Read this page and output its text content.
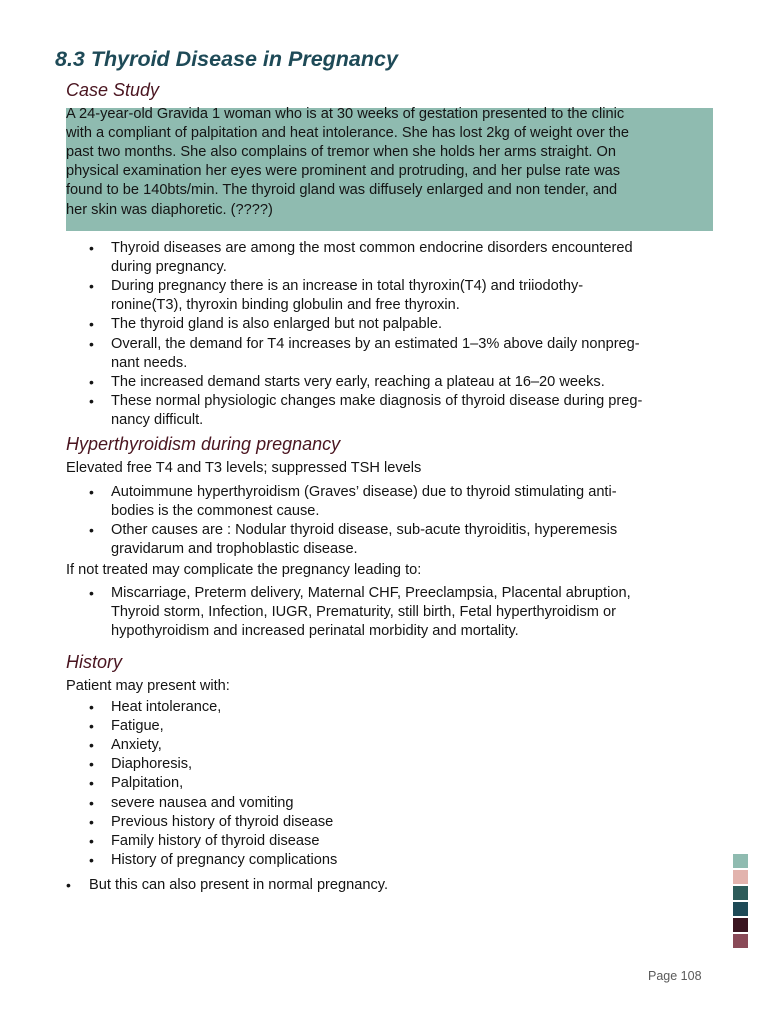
8.3 Thyroid Disease in Pregnancy
Case Study
A 24-year-old Gravida 1 woman who is at 30 weeks of gestation presented to the clinic
with a compliant of palpitation and heat intolerance. She has lost 2kg of weight over the
past two months. She also complains of tremor when she holds her arms straight. On
physical examination her eyes were prominent and protruding, and her pulse rate was
found to be 140bts/min. The thyroid gland was diffusely enlarged and non tender, and
her skin was diaphoretic. (????)
• Thyroid diseases are among the most common endocrine disorders encountered
during pregnancy.
• During pregnancy there is an increase in total thyroxin(T4) and triiodothy-
ronine(T3), thyroxin binding globulin and free thyroxin.
• The thyroid gland is also enlarged but not palpable.
• Overall, the demand for T4 increases by an estimated 1–3% above daily nonpreg-
nant needs.
• The increased demand starts very early, reaching a plateau at 16–20 weeks.
• These normal physiologic changes make diagnosis of thyroid disease during preg-
nancy difficult.
Hyperthyroidism during pregnancy
Elevated free T4 and T3 levels; suppressed TSH levels
• Autoimmune hyperthyroidism (Graves’ disease) due to thyroid stimulating anti-
bodies is the commonest cause.
• Other causes are : Nodular thyroid disease, sub-acute thyroiditis, hyperemesis
gravidarum and trophoblastic disease.
If not treated may complicate the pregnancy leading to:
• Miscarriage, Preterm delivery, Maternal CHF, Preeclampsia, Placental abruption,
Thyroid storm, Infection, IUGR, Prematurity, still birth, Fetal hyperthyroidism or
hypothyroidism and increased perinatal morbidity and mortality.
History
Patient may present with:
• Heat intolerance,
• Fatigue,
• Anxiety,
• Diaphoresis,
• Palpitation,
• severe nausea and vomiting
• Previous history of thyroid disease
• Family history of thyroid disease
• History of pregnancy complications
• But this can also present in normal pregnancy.
Page 108
